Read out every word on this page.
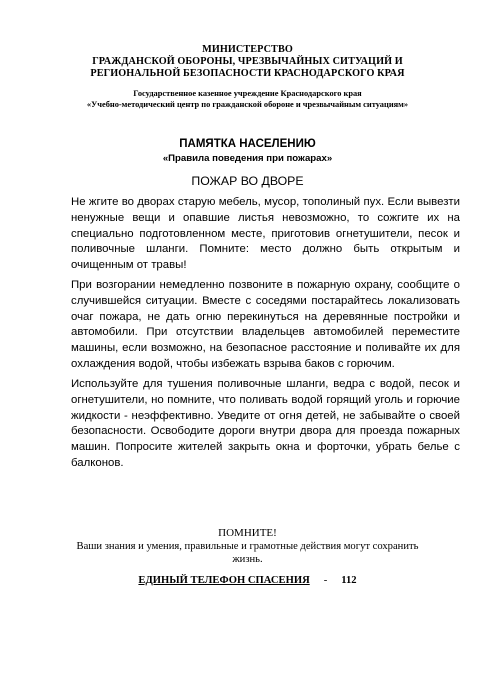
МИНИСТЕРСТВО
ГРАЖДАНСКОЙ ОБОРОНЫ, ЧРЕЗВЫЧАЙНЫХ СИТУАЦИЙ И
РЕГИОНАЛЬНОЙ БЕЗОПАСНОСТИ КРАСНОДАРСКОГО КРАЯ
Государственное казенное учреждение Краснодарского края
«Учебно-методический центр по гражданской обороне и чрезвычайным ситуациям»
ПАМЯТКА НАСЕЛЕНИЮ
«Правила поведения при пожарах»
ПОЖАР ВО ДВОРЕ

Не жгите во дворах старую мебель, мусор, тополиный пух. Если вывезти ненужные вещи и опавшие листья невозможно, то сожгите их на специально подготовленном месте, приготовив огнетушители, песок и поливочные шланги. Помните: место должно быть открытым и очищенным от травы!

При возгорании немедленно позвоните в пожарную охрану, сообщите о случившейся ситуации. Вместе с соседями постарайтесь локализовать очаг пожара, не дать огню перекинуться на деревянные постройки и автомобили. При отсутствии владельцев автомобилей переместите машины, если возможно, на безопасное расстояние и поливайте их для охлаждения водой, чтобы избежать взрыва баков с горючим.

Используйте для тушения поливочные шланги, ведра с водой, песок и огнетушители, но помните, что поливать водой горящий уголь и горючие жидкости - неэффективно. Уведите от огня детей, не забывайте о своей безопасности. Освободите дороги внутри двора для проезда пожарных машин. Попросите жителей закрыть окна и форточки, убрать белье с балконов.

ПОМНИТЕ!
Ваши знания и умения, правильные и грамотные действия могут сохранить жизнь.
ЕДИНЫЙ ТЕЛЕФОН СПАСЕНИЯ - 112
